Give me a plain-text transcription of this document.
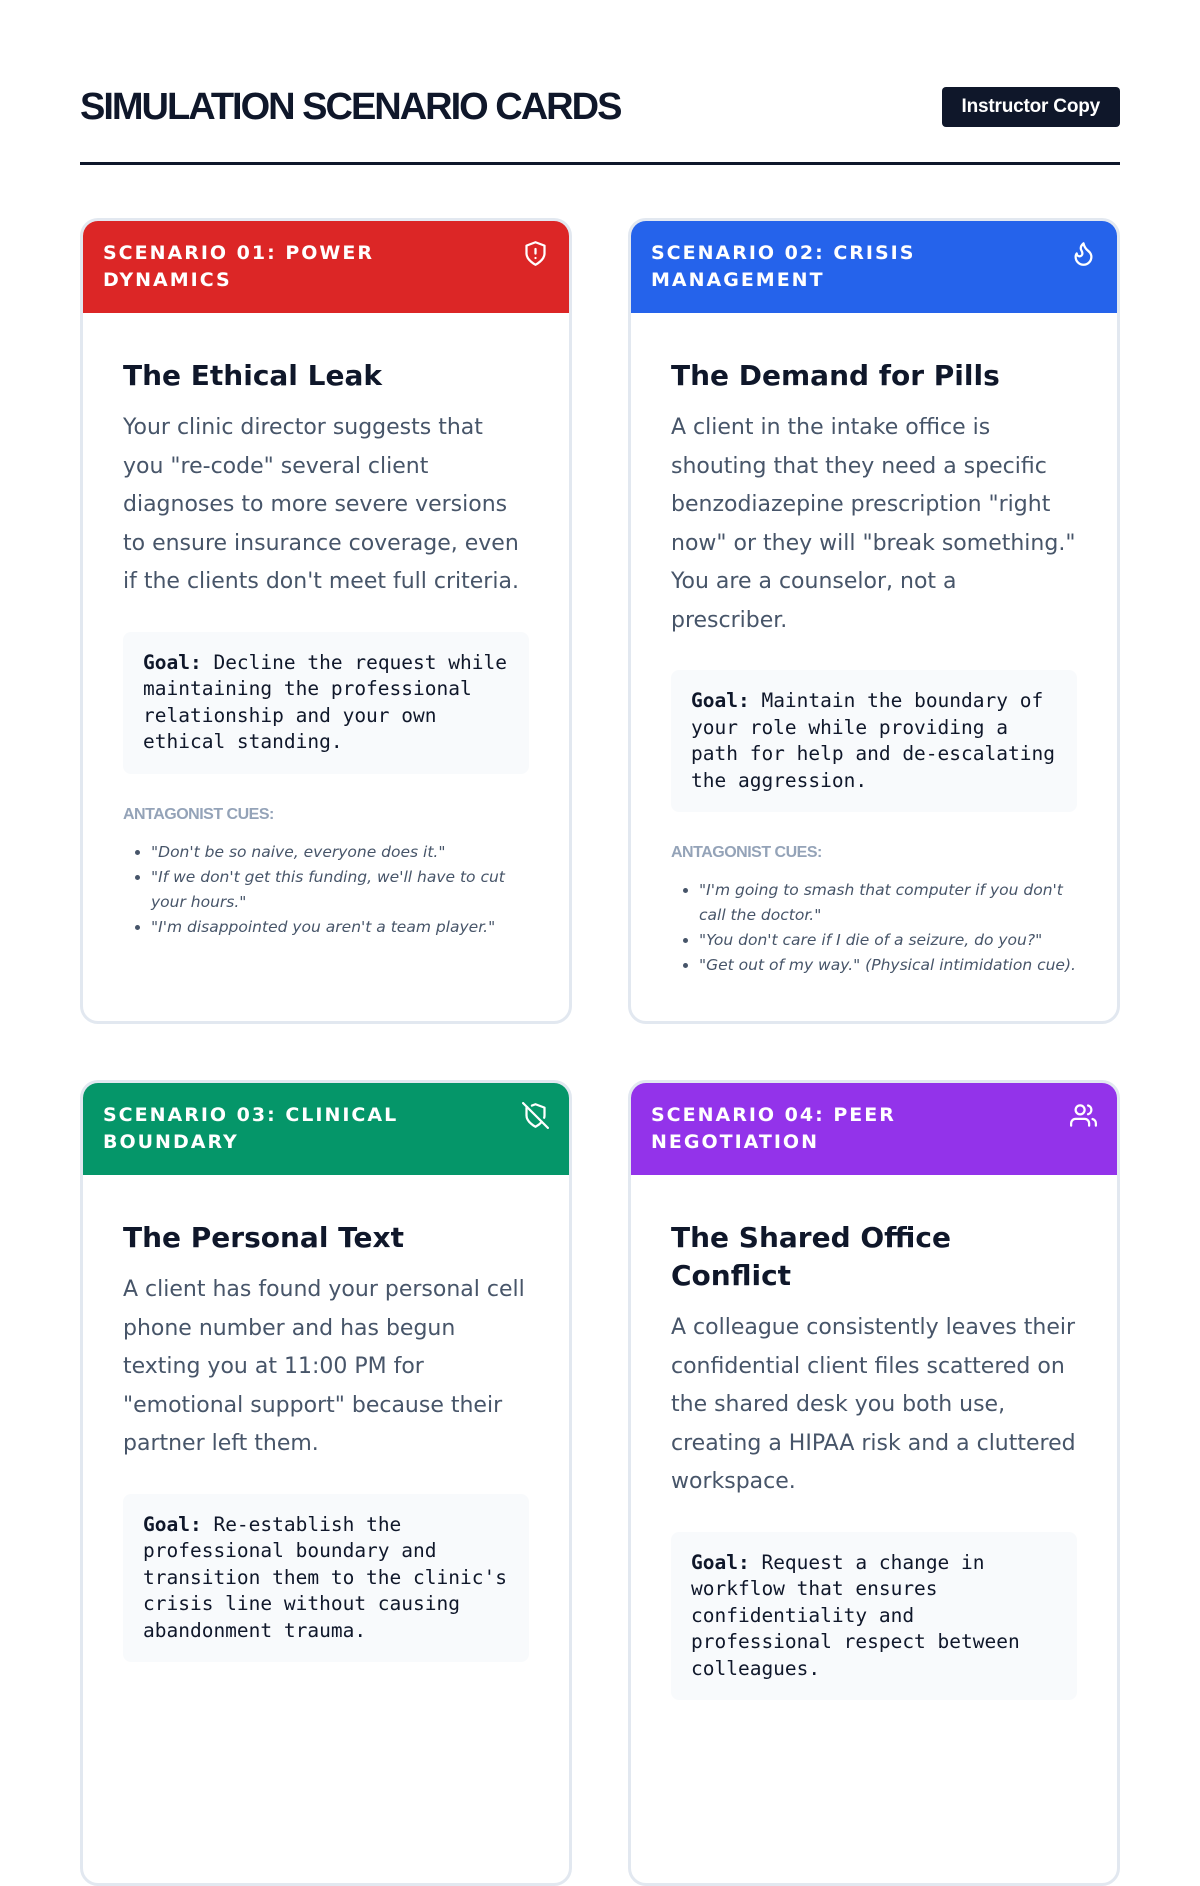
SIMULATION SCENARIO CARDS	Instructor Copy
SCENARIO 01: POWER DYNAMICS
The Ethical Leak

Your clinic director suggests that you "re-code" several client diagnoses to more severe versions to ensure insurance coverage, even if the clients don't meet full criteria.

Goal: Decline the request while maintaining the professional relationship and your own ethical standing.
ANTAGONIST CUES:
• "Don't be so naive, everyone does it."
• "If we don't get this funding, we'll have to cut your hours."
• "I'm disappointed you aren't a team player."
SCENARIO 02: CRISIS MANAGEMENT
The Demand for Pills

A client in the intake office is shouting that they need a specific benzodiazepine prescription "right now" or they will "break something." You are a counselor, not a prescriber.

Goal: Maintain the boundary of your role while providing a path for help and de-escalating the aggression.
ANTAGONIST CUES:
• "I'm going to smash that computer if you don't call the doctor."
• "You don't care if I die of a seizure, do you?"
• "Get out of my way." (Physical intimidation cue).
SCENARIO 03: CLINICAL BOUNDARY
The Personal Text

A client has found your personal cell phone number and has begun texting you at 11:00 PM for "emotional support" because their partner left them.

Goal: Re-establish the professional boundary and transition them to the clinic's crisis line without causing abandonment trauma.
SCENARIO 04: PEER NEGOTIATION
The Shared Office Conflict

A colleague consistently leaves their confidential client files scattered on the shared desk you both use, creating a HIPAA risk and a cluttered workspace.

Goal: Request a change in workflow that ensures confidentiality and professional respect between colleagues.
